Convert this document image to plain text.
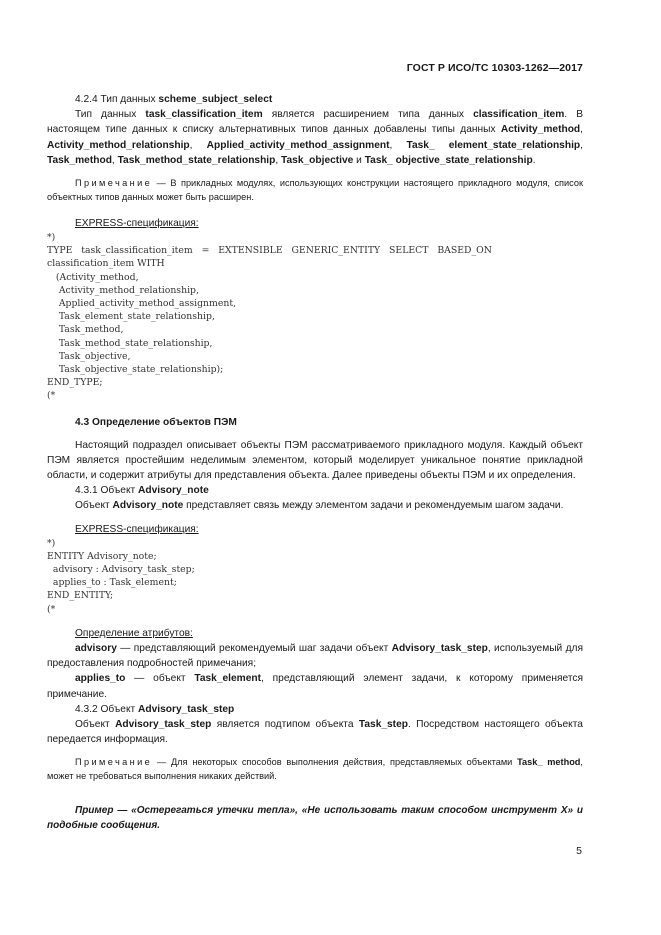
ГОСТ Р ИСО/ТС 10303-1262—2017

4.2.4 Тип данных scheme_subject_select

Тип данных task_classification_item является расширением типа данных classification_item. В настоящем типе данных к списку альтернативных типов данных добавлены типы данных Activity_method, Activity_method_relationship, Applied_activity_method_assignment, Task_ element_state_relationship, Task_method, Task_method_state_relationship, Task_objective и Task_ objective_state_relationship.

Примечание — В прикладных модулях, использующих конструкции настоящего прикладного модуля, список объектных типов данных может быть расширен.

EXPRESS-спецификация:
*)
TYPE   task_classification_item   =   EXTENSIBLE   GENERIC_ENTITY   SELECT   BASED_ON
classification_item WITH
(Activity_method,
Activity_method_relationship,
Applied_activity_method_assignment,
Task_element_state_relationship,
Task_method,
Task_method_state_relationship,
Task_objective,
Task_objective_state_relationship);
END_TYPE;
(*
4.3 Определение объектов ПЭМ

Настоящий подраздел описывает объекты ПЭМ рассматриваемого прикладного модуля. Каждый объект ПЭМ является простейшим неделимым элементом, который моделирует уникальное понятие прикладной области, и содержит атрибуты для представления объекта. Далее приведены объекты ПЭМ и их определения.

4.3.1 Объект Advisory_note

Объект Advisory_note представляет связь между элементом задачи и рекомендуемым шагом задачи.

EXPRESS-спецификация:
*)
ENTITY Advisory_note;
advisory : Advisory_task_step;
applies_to : Task_element;
END_ENTITY;
(*
Определение атрибутов:

advisory — представляющий рекомендуемый шаг задачи объект Advisory_task_step, используемый для предоставления подробностей примечания;

applies_to — объект Task_element, представляющий элемент задачи, к которому применяется примечание.

4.3.2 Объект Advisory_task_step

Объект Advisory_task_step является подтипом объекта Task_step. Посредством настоящего объекта передается информация.

Примечание — Для некоторых способов выполнения действия, представляемых объектами Task_ method, может не требоваться выполнения никаких действий.

Пример — «Остерегаться утечки тепла», «Не использовать таким способом инструмент Х» и подобные сообщения.

5
